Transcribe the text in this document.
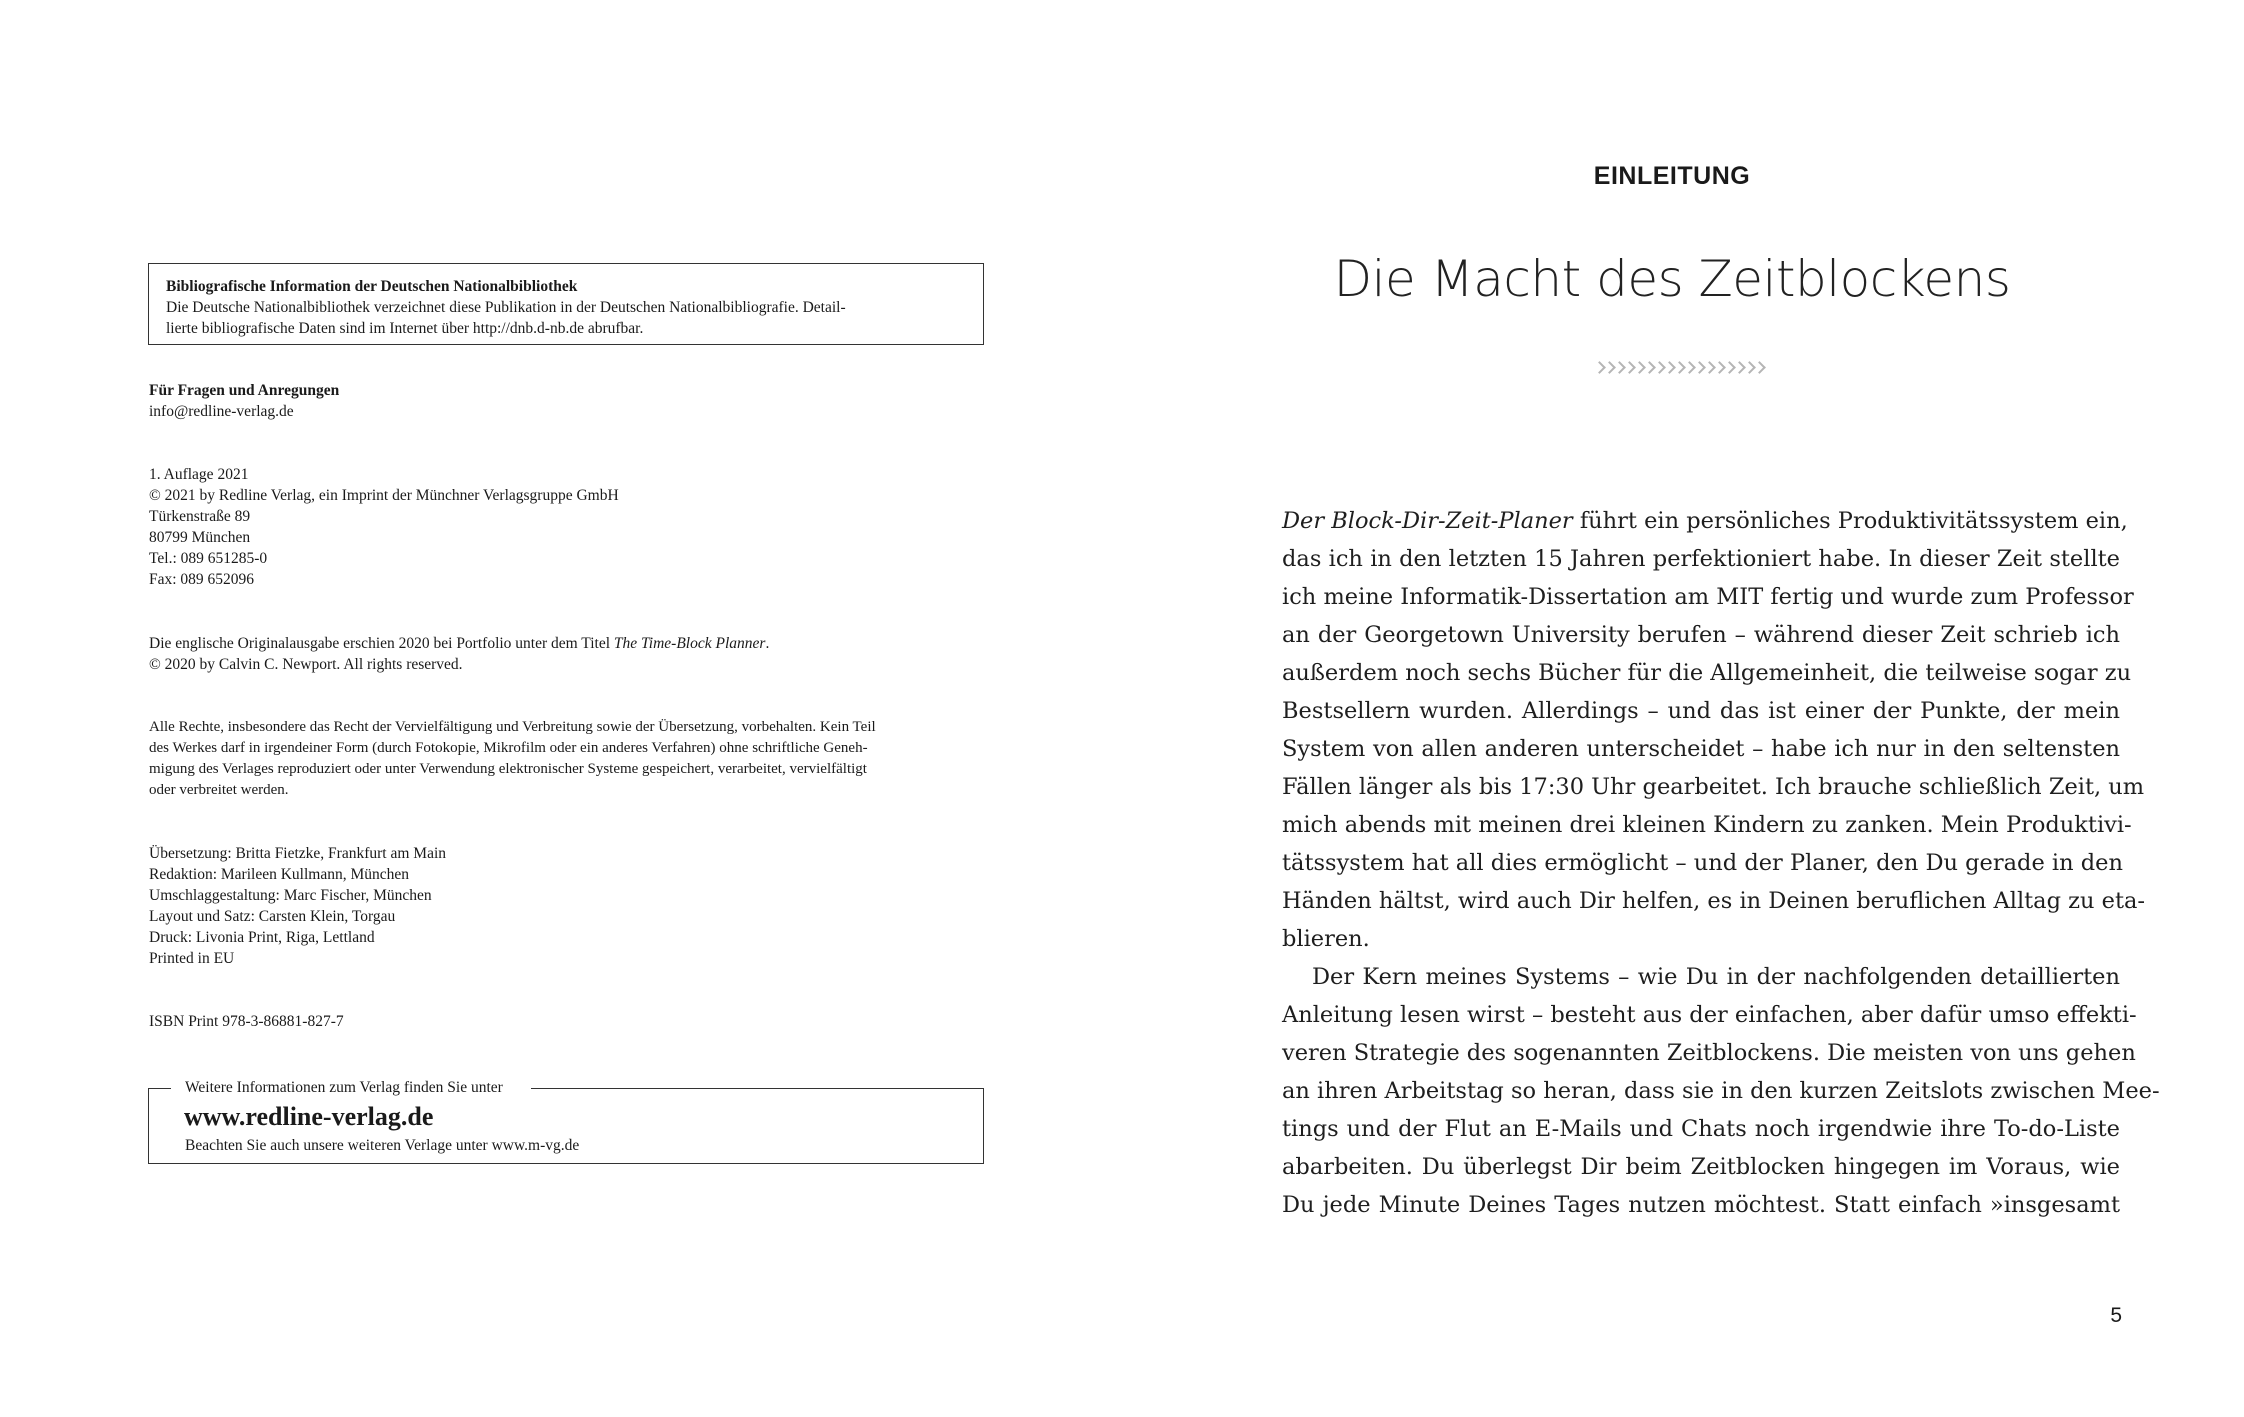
Bibliografische Information der Deutschen Nationalbibliothek
Die Deutsche Nationalbibliothek verzeichnet diese Publikation in der Deutschen Nationalbibliografie. Detail-
lierte bibliografische Daten sind im Internet über http://dnb.d-nb.de abrufbar.
Für Fragen und Anregungen
info@redline-verlag.de
1. Auflage 2021
© 2021 by Redline Verlag, ein Imprint der Münchner Verlagsgruppe GmbH
Türkenstraße 89
80799 München
Tel.: 089 651285-0
Fax: 089 652096
Die englische Originalausgabe erschien 2020 bei Portfolio unter dem Titel The Time-Block Planner.
© 2020 by Calvin C. Newport. All rights reserved.
Alle Rechte, insbesondere das Recht der Vervielfältigung und Verbreitung sowie der Übersetzung, vorbehalten. Kein Teil
des Werkes darf in irgendeiner Form (durch Fotokopie, Mikrofilm oder ein anderes Verfahren) ohne schriftliche Geneh-
migung des Verlages reproduziert oder unter Verwendung elektronischer Systeme gespeichert, verarbeitet, vervielfältigt
oder verbreitet werden.
Übersetzung: Britta Fietzke, Frankfurt am Main
Redaktion: Marileen Kullmann, München
Umschlaggestaltung: Marc Fischer, München
Layout und Satz: Carsten Klein, Torgau
Druck: Livonia Print, Riga, Lettland
Printed in EU
ISBN Print 978-3-86881-827-7
Weitere Informationen zum Verlag finden Sie unter
www.redline-verlag.de
Beachten Sie auch unsere weiteren Verlage unter www.m-vg.de
EINLEITUNG
Die Macht des Zeitblockens
Der Block-Dir-Zeit-Planer führt ein persönliches Produktivitätssystem ein,
das ich in den letzten 15 Jahren perfektioniert habe. In dieser Zeit stellte
ich meine Informatik-Dissertation am MIT fertig und wurde zum Professor
an der Georgetown University berufen – während dieser Zeit schrieb ich
außerdem noch sechs Bücher für die Allgemeinheit, die teilweise sogar zu
Bestsellern wurden. Allerdings – und das ist einer der Punkte, der mein
System von allen anderen unterscheidet – habe ich nur in den seltensten
Fällen länger als bis 17:30 Uhr gearbeitet. Ich brauche schließlich Zeit, um
mich abends mit meinen drei kleinen Kindern zu zanken. Mein Produktivi-
tätssystem hat all dies ermöglicht – und der Planer, den Du gerade in den
Händen hältst, wird auch Dir helfen, es in Deinen beruflichen Alltag zu eta-
blieren.
Der Kern meines Systems – wie Du in der nachfolgenden detaillierten
Anleitung lesen wirst – besteht aus der einfachen, aber dafür umso effekti-
veren Strategie des sogenannten Zeitblockens. Die meisten von uns gehen
an ihren Arbeitstag so heran, dass sie in den kurzen Zeitslots zwischen Mee-
tings und der Flut an E-Mails und Chats noch irgendwie ihre To-do-Liste
abarbeiten. Du überlegst Dir beim Zeitblocken hingegen im Voraus, wie
Du jede Minute Deines Tages nutzen möchtest. Statt einfach »insgesamt
5
